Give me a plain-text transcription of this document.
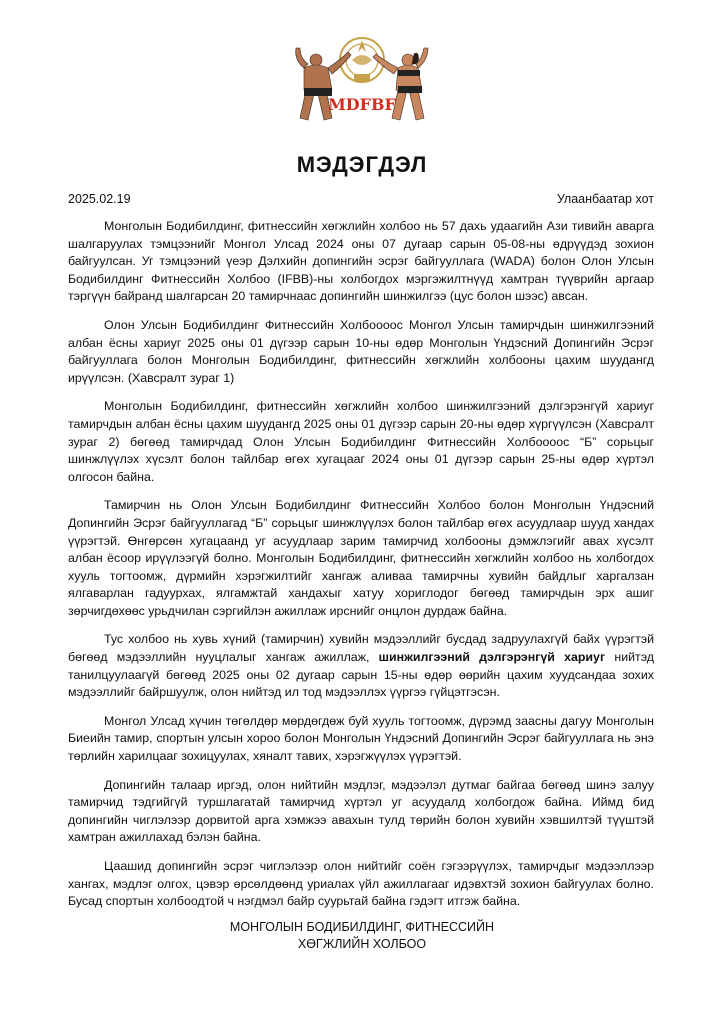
MDFBF
МЭДЭГДЭЛ
2025.02.19	Улаанбаатар хот

Монголын Бодибилдинг, фитнессийн хөгжлийн холбоо нь 57 дахь удаагийн Ази тивийн аварга шалгаруулах тэмцээнийг Монгол Улсад 2024 оны 07 дугаар сарын 05-08-ны өдрүүдэд зохион байгуулсан. Уг тэмцээний үеэр Дэлхийн допингийн эсрэг байгууллага (WADA) болон Олон Улсын Бодибилдинг Фитнессийн Холбоо (IFBB)-ны холбогдох мэргэжилтнүүд хамтран түүврийн аргаар тэргүүн байранд шалгарсан 20 тамирчнаас допингийн шинжилгээ (цус болон шээс) авсан.

Олон Улсын Бодибилдинг Фитнессийн Холбоооос Монгол Улсын тамирчдын шинжилгээний албан ёсны хариуг 2025 оны 01 дүгээр сарын 10-ны өдөр Монголын Үндэсний Допингийн Эсрэг байгууллага болон Монголын Бодибилдинг, фитнессийн хөгжлийн холбооны цахим шуудангд ирүүлсэн. (Хавсралт зураг 1)

Монголын Бодибилдинг, фитнессийн хөгжлийн холбоо шинжилгээний дэлгэрэнгүй хариуг тамирчдын албан ёсны цахим шуудангд 2025 оны 01 дүгээр сарын 20-ны өдөр хүргүүлсэн (Хавсралт зураг 2) бөгөөд тамирчдад Олон Улсын Бодибилдинг Фитнессийн Холбоооос “Б” сорьцыг шинжлүүлэх хүсэлт болон тайлбар өгөх хугацааг 2024 оны 01 дүгээр сарын 25-ны өдөр хүртэл олгосон байна.

Тамирчин нь Олон Улсын Бодибилдинг Фитнессийн Холбоо болон Монголын Үндэсний Допингийн Эсрэг байгууллагад “Б” сорьцыг шинжлүүлэх болон тайлбар өгөх асуудлаар шууд хандах үүрэгтэй. Өнгөрсөн хугацаанд уг асуудлаар зарим тамирчид холбооны дэмжлэгийг авах хүсэлт албан ёсоор ирүүлээгүй болно. Монголын Бодибилдинг, фитнессийн хөгжлийн холбоо нь холбогдох хууль тогтоомж, дүрмийн хэрэгжилтийг хангаж аливаа тамирчны хувийн байдлыг харгалзан ялгаварлан гадуурхах, ялгамжтай хандахыг хатуу хориглодог бөгөөд тамирчдын эрх ашиг зөрчигдөхөөс урьдчилан сэргийлэн ажиллаж ирснийг онцлон дурдаж байна.

Тус холбоо нь хувь хүний (тамирчин) хувийн мэдээллийг бусдад задруулахгүй байх үүрэгтэй бөгөөд мэдээллийн нууцлалыг хангаж ажиллаж, шинжилгээний дэлгэрэнгүй хариуг нийтэд танилцуулаагүй бөгөөд 2025 оны 02 дугаар сарын 15-ны өдөр өөрийн цахим хуудсандаа зохих мэдээллийг байршуулж, олон нийтэд ил тод мэдээллэх үүргээ гүйцэтгэсэн.

Монгол Улсад хүчин төгөлдөр мөрдөгдөж буй хууль тогтоомж, дүрэмд заасны дагуу Монголын Биеийн тамир, спортын улсын хороо болон Монголын Үндэсний Допингийн Эсрэг байгууллага нь энэ төрлийн харилцааг зохицуулах, хяналт тавих, хэрэгжүүлэх үүрэгтэй.

Допингийн талаар иргэд, олон нийтийн мэдлэг, мэдээлэл дутмаг байгаа бөгөөд шинэ залуу тамирчид тэдгийгүй туршлагатай тамирчид хүртэл уг асуудалд холбогдож байна. Иймд бид допингийн чиглэлээр дорвитой арга хэмжээ авахын тулд төрийн болон хувийн хэвшилтэй түүштэй хамтран ажиллахад бэлэн байна.

Цаашид допингийн эсрэг чиглэлээр олон нийтийг соён гэгээрүүлэх, тамирчдыг мэдээллээр хангах, мэдлэг олгох, цэвэр өрсөлдөөнд уриалах үйл ажиллагааг идэвхтэй зохион байгуулах болно. Бусад спортын холбоодтой ч нэгдмэл байр суурьтай байна гэдэгт итгэж байна.

МОНГОЛЫН БОДИБИЛДИНГ, ФИТНЕССИЙН
ХӨГЖЛИЙН ХОЛБОО
